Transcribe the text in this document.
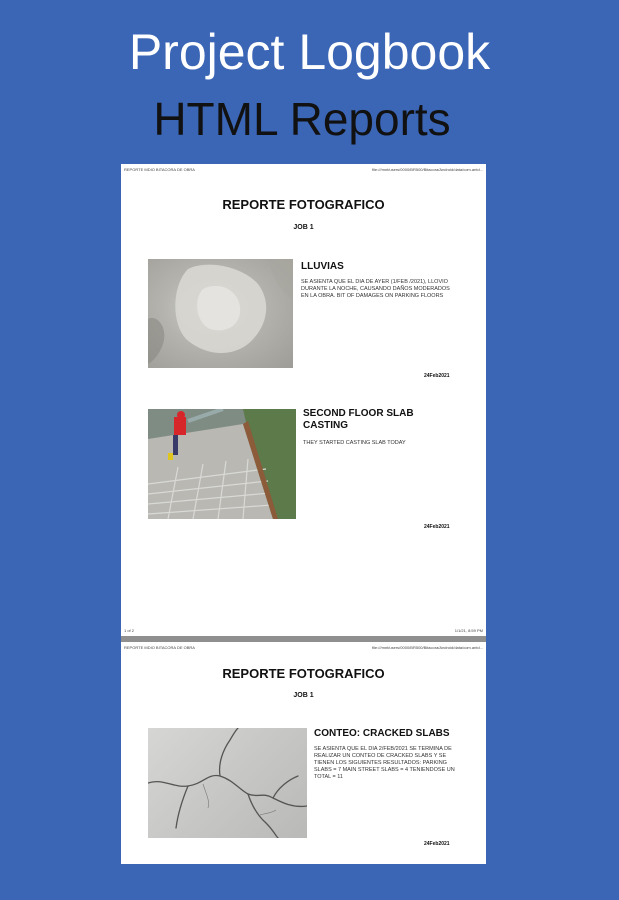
Project Logbook
HTML Reports
REPORTE MDIO BITACORA DE OBRA	file:///mnt/users/0000/BR500/Bitacora/Android/data/com.antd...
REPORTE FOTOGRAFICO
JOB 1
LLUVIAS
SE ASIENTA QUE EL DIA DE AYER (1/FEB /2021), LLOVIO DURANTE LA NOCHE, CAUSANDO DAÑOS MODERADOS EN LA OBRA. BIT OF DAMAGES ON PARKING FLOORS
24Feb2021
SECOND FLOOR SLAB CASTING
THEY STARTED CASTING SLAB TODAY
24Feb2021
1 of 2	1/1/21, 8:59 PM
REPORTE MDIO BITACORA DE OBRA	file:///mnt/users/0000/BR500/Bitacora/Android/data/com.antd...
REPORTE FOTOGRAFICO
JOB 1
CONTEO: CRACKED SLABS
SE ASIENTA QUE EL DIA 2/FEB/2021 SE TERMINA DE REALIZAR UN CONTEO DE CRACKED SLABS Y SE TIENEN LOS SIGUIENTES RESULTADOS: PARKING SLABS = 7 MAIN STREET SLABS = 4 TENIENDOSE UN TOTAL = 11
24Feb2021
